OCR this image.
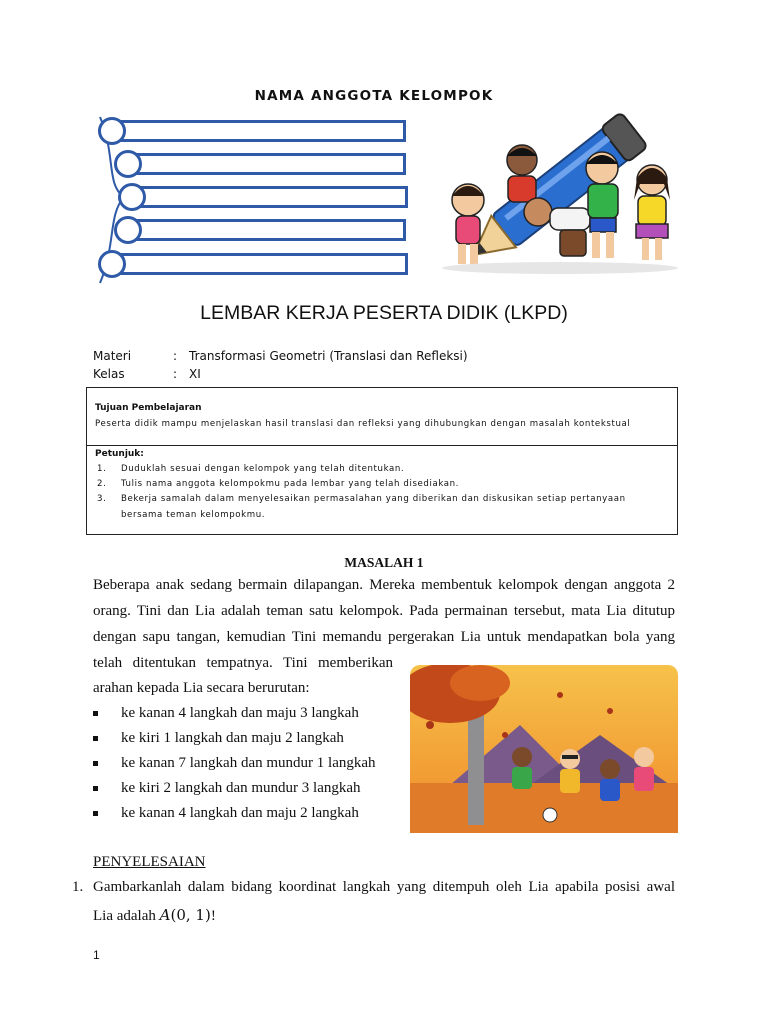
NAMA ANGGOTA KELOMPOK
LEMBAR KERJA PESERTA DIDIK (LKPD)
Materi	: Transformasi Geometri (Translasi dan Refleksi)
Kelas	: XI
Tujuan Pembelajaran
Peserta didik mampu menjelaskan hasil translasi dan refleksi yang dihubungkan dengan masalah kontekstual
Petunjuk:
1. Duduklah sesuai dengan kelompok yang telah ditentukan.
2. Tulis nama anggota kelompokmu pada lembar yang telah disediakan.
3. Bekerja samalah dalam menyelesaikan permasalahan yang diberikan dan diskusikan setiap pertanyaan
bersama teman kelompokmu.
MASALAH 1
Beberapa anak sedang bermain dilapangan. Mereka membentuk kelompok dengan anggota 2
orang. Tini dan Lia adalah teman satu kelompok. Pada permainan tersebut, mata Lia ditutup
dengan sapu tangan, kemudian Tini memandu pergerakan Lia untuk mendapatkan bola yang
telah ditentukan tempatnya. Tini memberikan
arahan kepada Lia secara berurutan:
ke kanan 4 langkah dan maju 3 langkah
ke kiri 1 langkah dan maju 2 langkah
ke kanan 7 langkah dan mundur 1 langkah
ke kiri 2 langkah dan mundur 3 langkah
ke kanan 4 langkah dan maju 2 langkah
PENYELESAIAN
1. Gambarkanlah dalam bidang koordinat langkah yang ditempuh oleh Lia apabila posisi awal
Lia adalah A(0, 1)!
1
